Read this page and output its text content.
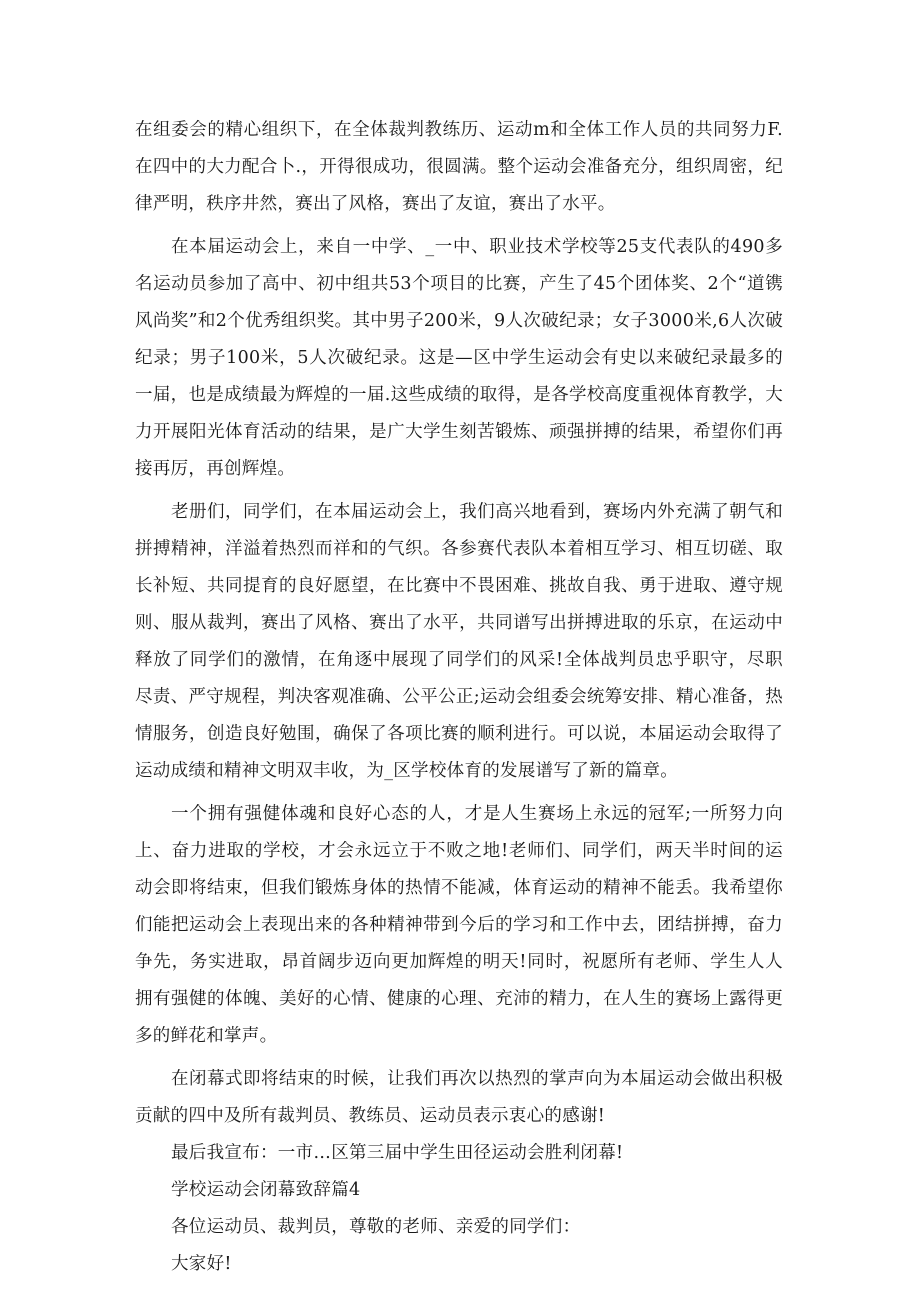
在组委会的精心组织下，在全体裁判教练历、运动m和全体工作人员的共同努力F.在四中的大力配合卜.，开得很成功，很圆满。整个运动会准备充分，组织周密，纪律严明，秩序井然，赛出了风格，赛出了友谊，赛出了水平。

在本届运动会上，来自一中学、_一中、职业技术学校等25支代表队的490多名运动员参加了高中、初中组共53个项目的比赛，产生了45个团体奖、2个“道镌风尚奖”和2个优秀组织奖。其中男子200米，9人次破纪录；女子3000米,6人次破纪录；男子100米，5人次破纪录。这是—区中学生运动会有史以来破纪录最多的一届，也是成绩最为辉煌的一届.这些成绩的取得，是各学校高度重视体育教学，大力开展阳光体育活动的结果，是广大学生刻苦锻炼、顽强拼搏的结果，希望你们再接再厉，再创辉煌。

老册们，同学们，在本届运动会上，我们高兴地看到，赛场内外充满了朝气和拼搏精神，洋溢着热烈而祥和的气织。各参赛代表队本着相互学习、相互切磋、取长补短、共同提育的良好愿望，在比赛中不畏困难、挑故自我、勇于进取、遵守规则、服从裁判，赛出了风格、赛出了水平，共同谱写出拼搏进取的乐京，在运动中释放了同学们的激情，在角逐中展现了同学们的风采!全体战判员忠乎职守，尽职尽责、严守规程，判决客观准确、公平公正;运动会组委会统筹安排、精心准备，热情服务，创造良好勉围，确保了各项比赛的顺利进行。可以说，本届运动会取得了运动成绩和精神文明双丰收，为_区学校体育的发展谱写了新的篇章。

一个拥有强健体魂和良好心态的人，才是人生赛场上永远的冠军;一所努力向上、奋力进取的学校，才会永远立于不败之地!老师们、同学们，两天半时间的运动会即将结束，但我们锻炼身体的热情不能减，体育运动的精神不能丢。我希望你们能把运动会上表现出来的各种精神带到今后的学习和工作中去，团结拼搏，奋力争先，务实进取，昂首阔步迈向更加辉煌的明天!同时，祝愿所有老师、学生人人拥有强健的体魄、美好的心情、健康的心理、充沛的精力，在人生的赛场上露得更多的鲜花和掌声。

在闭幕式即将结束的时候，让我们再次以热烈的掌声向为本届运动会做出积极贡献的四中及所有裁判员、教练员、运动员表示衷心的感谢!

最后我宣布：一市…区第三届中学生田径运动会胜利闭幕!

学校运动会闭幕致辞篇4

各位运动员、裁判员，尊敬的老师、亲爱的同学们：

大家好!
